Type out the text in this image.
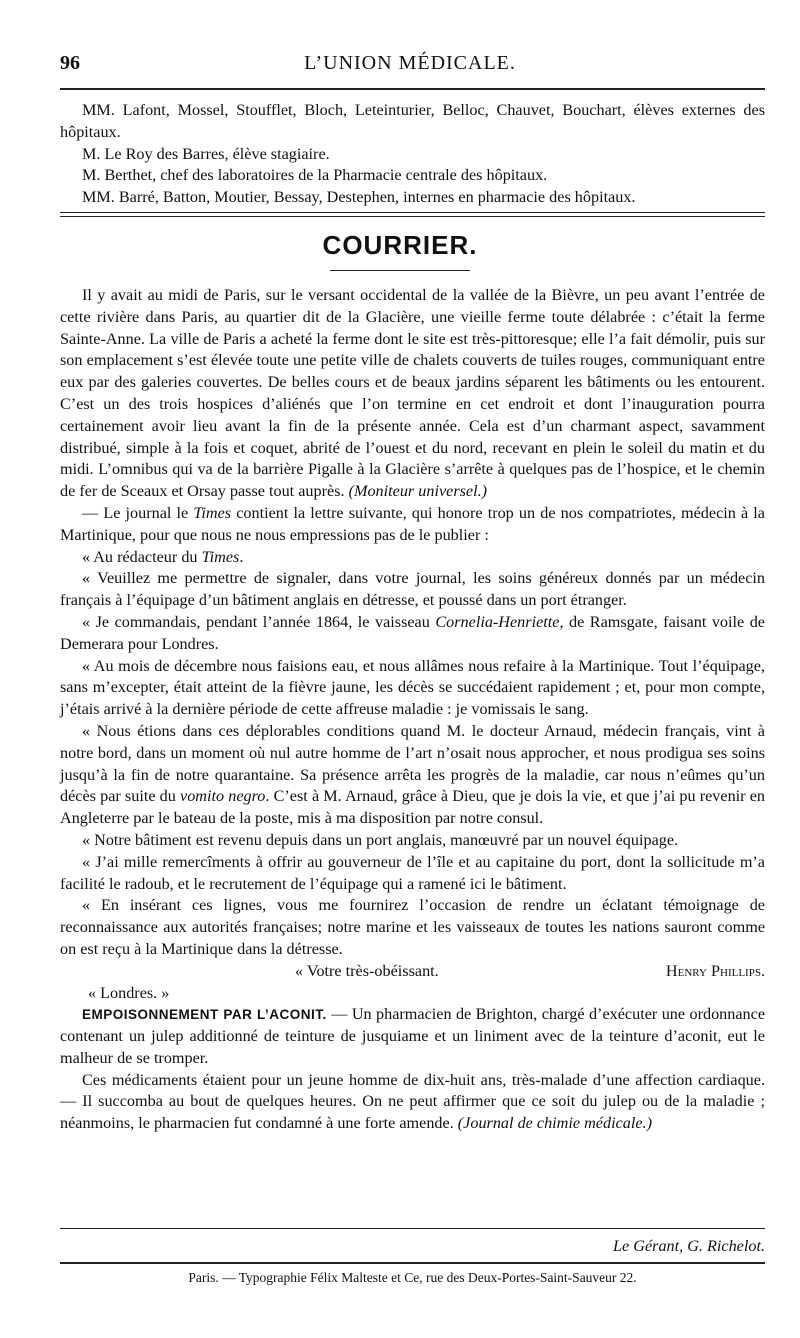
96	L’UNION MÉDICALE.

MM. Lafont, Mossel, Stoufflet, Bloch, Leteinturier, Belloc, Chauvet, Bouchart, élèves externes des hôpitaux.

M. Le Roy des Barres, élève stagiaire.

M. Berthet, chef des laboratoires de la Pharmacie centrale des hôpitaux.

MM. Barré, Batton, Moutier, Bessay, Destephen, internes en pharmacie des hôpitaux.

COURRIER.

Il y avait au midi de Paris, sur le versant occidental de la vallée de la Bièvre, un peu avant l’entrée de cette rivière dans Paris, au quartier dit de la Glacière, une vieille ferme toute délabrée : c’était la ferme Sainte-Anne. La ville de Paris a acheté la ferme dont le site est très-pittoresque; elle l’a fait démolir, puis sur son emplacement s’est élevée toute une petite ville de chalets couverts de tuiles rouges, communiquant entre eux par des galeries couvertes. De belles cours et de beaux jardins séparent les bâtiments ou les entourent. C’est un des trois hospices d’aliénés que l’on termine en cet endroit et dont l’inauguration pourra certainement avoir lieu avant la fin de la présente année. Cela est d’un charmant aspect, savamment distribué, simple à la fois et coquet, abrité de l’ouest et du nord, recevant en plein le soleil du matin et du midi. L’omnibus qui va de la barrière Pigalle à la Glacière s’arrête à quelques pas de l’hospice, et le chemin de fer de Sceaux et Orsay passe tout auprès. (Moniteur universel.)

— Le journal le Times contient la lettre suivante, qui honore trop un de nos compatriotes, médecin à la Martinique, pour que nous ne nous empressions pas de le publier :

« Au rédacteur du Times.

« Veuillez me permettre de signaler, dans votre journal, les soins généreux donnés par un médecin français à l’équipage d’un bâtiment anglais en détresse, et poussé dans un port étranger.

« Je commandais, pendant l’année 1864, le vaisseau Cornelia-Henriette, de Ramsgate, faisant voile de Demerara pour Londres.

« Au mois de décembre nous faisions eau, et nous allâmes nous refaire à la Martinique. Tout l’équipage, sans m’excepter, était atteint de la fièvre jaune, les décès se succédaient rapidement ; et, pour mon compte, j’étais arrivé à la dernière période de cette affreuse maladie : je vomissais le sang.

« Nous étions dans ces déplorables conditions quand M. le docteur Arnaud, médecin français, vint à notre bord, dans un moment où nul autre homme de l’art n’osait nous approcher, et nous prodigua ses soins jusqu’à la fin de notre quarantaine. Sa présence arrêta les progrès de la maladie, car nous n’eûmes qu’un décès par suite du vomito negro. C’est à M. Arnaud, grâce à Dieu, que je dois la vie, et que j’ai pu revenir en Angleterre par le bateau de la poste, mis à ma disposition par notre consul.

« Notre bâtiment est revenu depuis dans un port anglais, manœuvré par un nouvel équipage.

« J’ai mille remercîments à offrir au gouverneur de l’île et au capitaine du port, dont la sollicitude m’a facilité le radoub, et le recrutement de l’équipage qui a ramené ici le bâtiment.

« En insérant ces lignes, vous me fournirez l’occasion de rendre un éclatant témoignage de reconnaissance aux autorités françaises; notre marine et les vaisseaux de toutes les nations sauront comme on est reçu à la Martinique dans la détresse.

« Votre très-obéissant.	Henry Phillips.

« Londres. »

EMPOISONNEMENT PAR L’ACONIT. — Un pharmacien de Brighton, chargé d’exécuter une ordonnance contenant un julep additionné de teinture de jusquiame et un liniment avec de la teinture d’aconit, eut le malheur de se tromper.

Ces médicaments étaient pour un jeune homme de dix-huit ans, très-malade d’une affection cardiaque. — Il succomba au bout de quelques heures. On ne peut affirmer que ce soit du julep ou de la maladie ; néanmoins, le pharmacien fut condamné à une forte amende. (Journal de chimie médicale.)

Le Gérant, G. Richelot.
Paris. — Typographie Félix Malteste et Ce, rue des Deux-Portes-Saint-Sauveur 22.
